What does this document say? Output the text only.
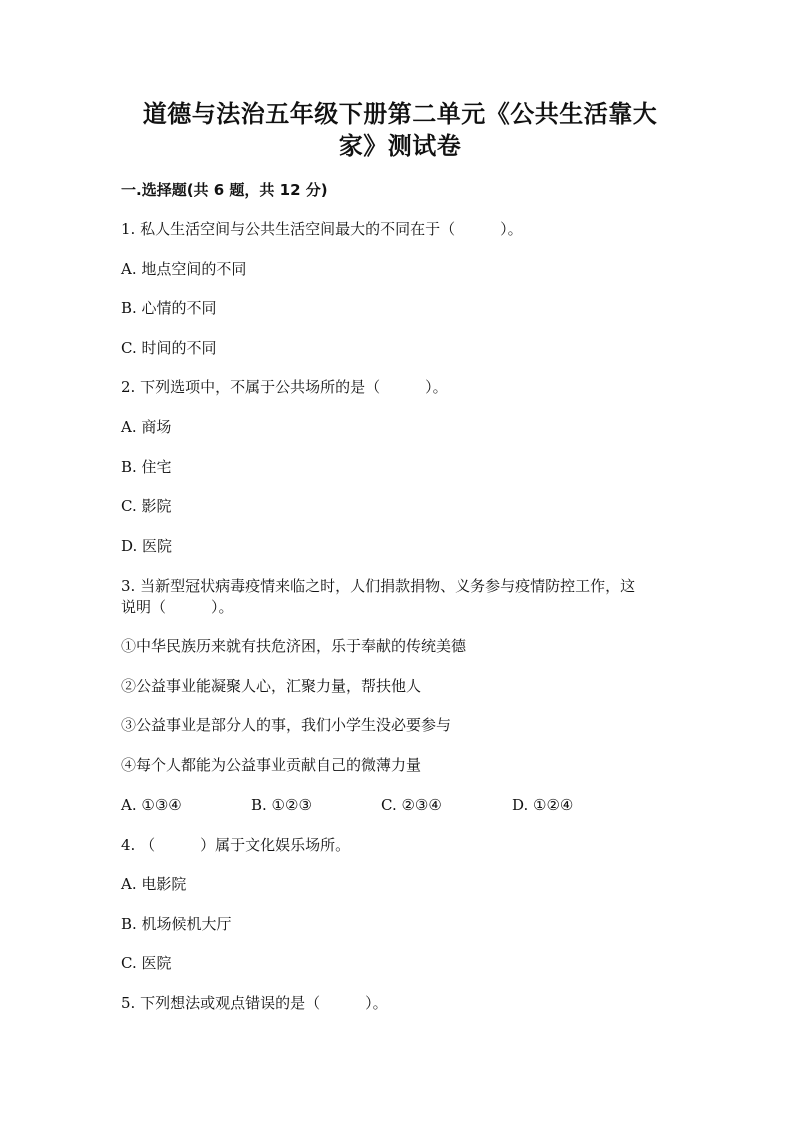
道德与法治五年级下册第二单元《公共生活靠大
家》测试卷
一.选择题(共 6 题，共 12 分)
1. 私人生活空间与公共生活空间最大的不同在于（　　　）。
A. 地点空间的不同
B. 心情的不同
C. 时间的不同
2. 下列选项中，不属于公共场所的是（　　　）。
A. 商场
B. 住宅
C. 影院
D. 医院
3. 当新型冠状病毒疫情来临之时，人们捐款捐物、义务参与疫情防控工作，这
说明（　　　）。
①中华民族历来就有扶危济困，乐于奉献的传统美德
②公益事业能凝聚人心，汇聚力量，帮扶他人
③公益事业是部分人的事，我们小学生没必要参与
④每个人都能为公益事业贡献自己的微薄力量
A. ①③④	B. ①②③	C. ②③④	D. ①②④
4. （　　　）属于文化娱乐场所。
A. 电影院
B. 机场候机大厅
C. 医院
5. 下列想法或观点错误的是（　　　）。
